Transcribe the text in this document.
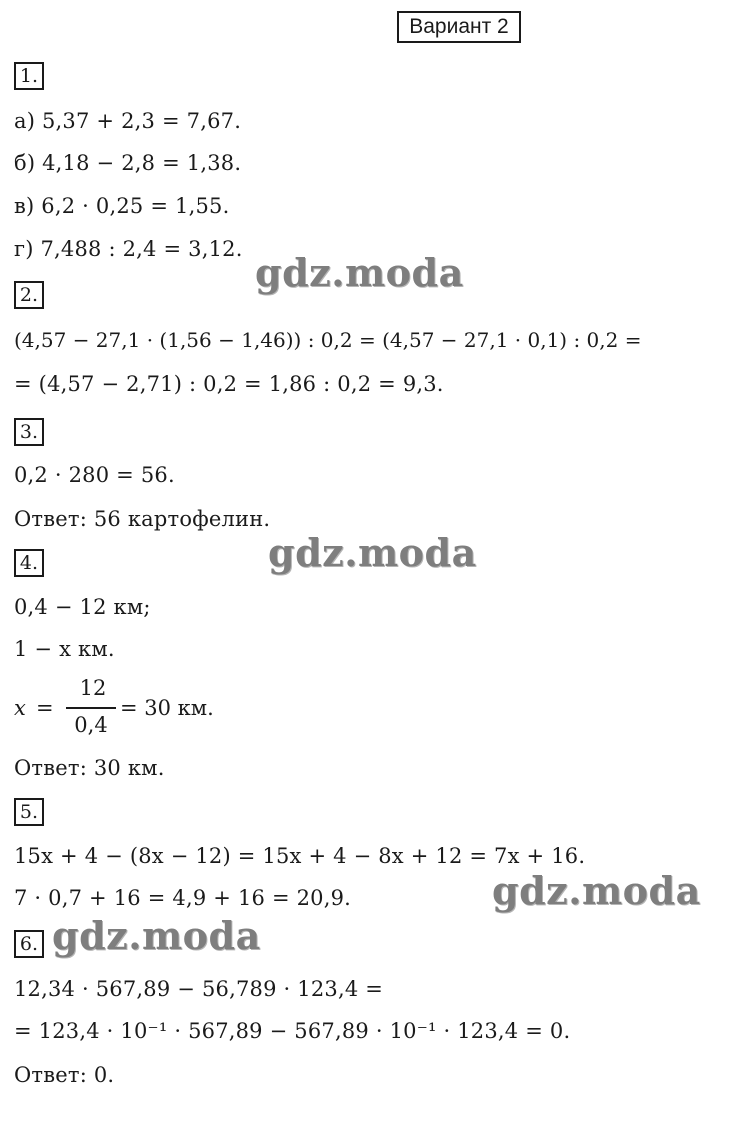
Вариант 2
1.
а) 5,37 + 2,3 = 7,67.
б) 4,18 − 2,8 = 1,38.
в) 6,2 · 0,25 = 1,55.
г) 7,488 : 2,4 = 3,12.
gdz.moda
2.
(4,57 − 27,1 · (1,56 − 1,46)) : 0,2 = (4,57 − 27,1 · 0,1) : 0,2 =
= (4,57 − 2,71) : 0,2 = 1,86 : 0,2 = 9,3.
3.
0,2 · 280 = 56.
Ответ: 56 картофелин.
gdz.moda
4.
0,4 − 12 км;
1 − x км.
x =
12
0,4
= 30 км.
Ответ: 30 км.
5.
15x + 4 − (8x − 12) = 15x + 4 − 8x + 12 = 7x + 16.
7 · 0,7 + 16 = 4,9 + 16 = 20,9.	gdz.moda
6. gdz.moda
12,34 · 567,89 − 56,789 · 123,4 =
= 123,4 · 10⁻¹ · 567,89 − 567,89 · 10⁻¹ · 123,4 = 0.
Ответ: 0.
